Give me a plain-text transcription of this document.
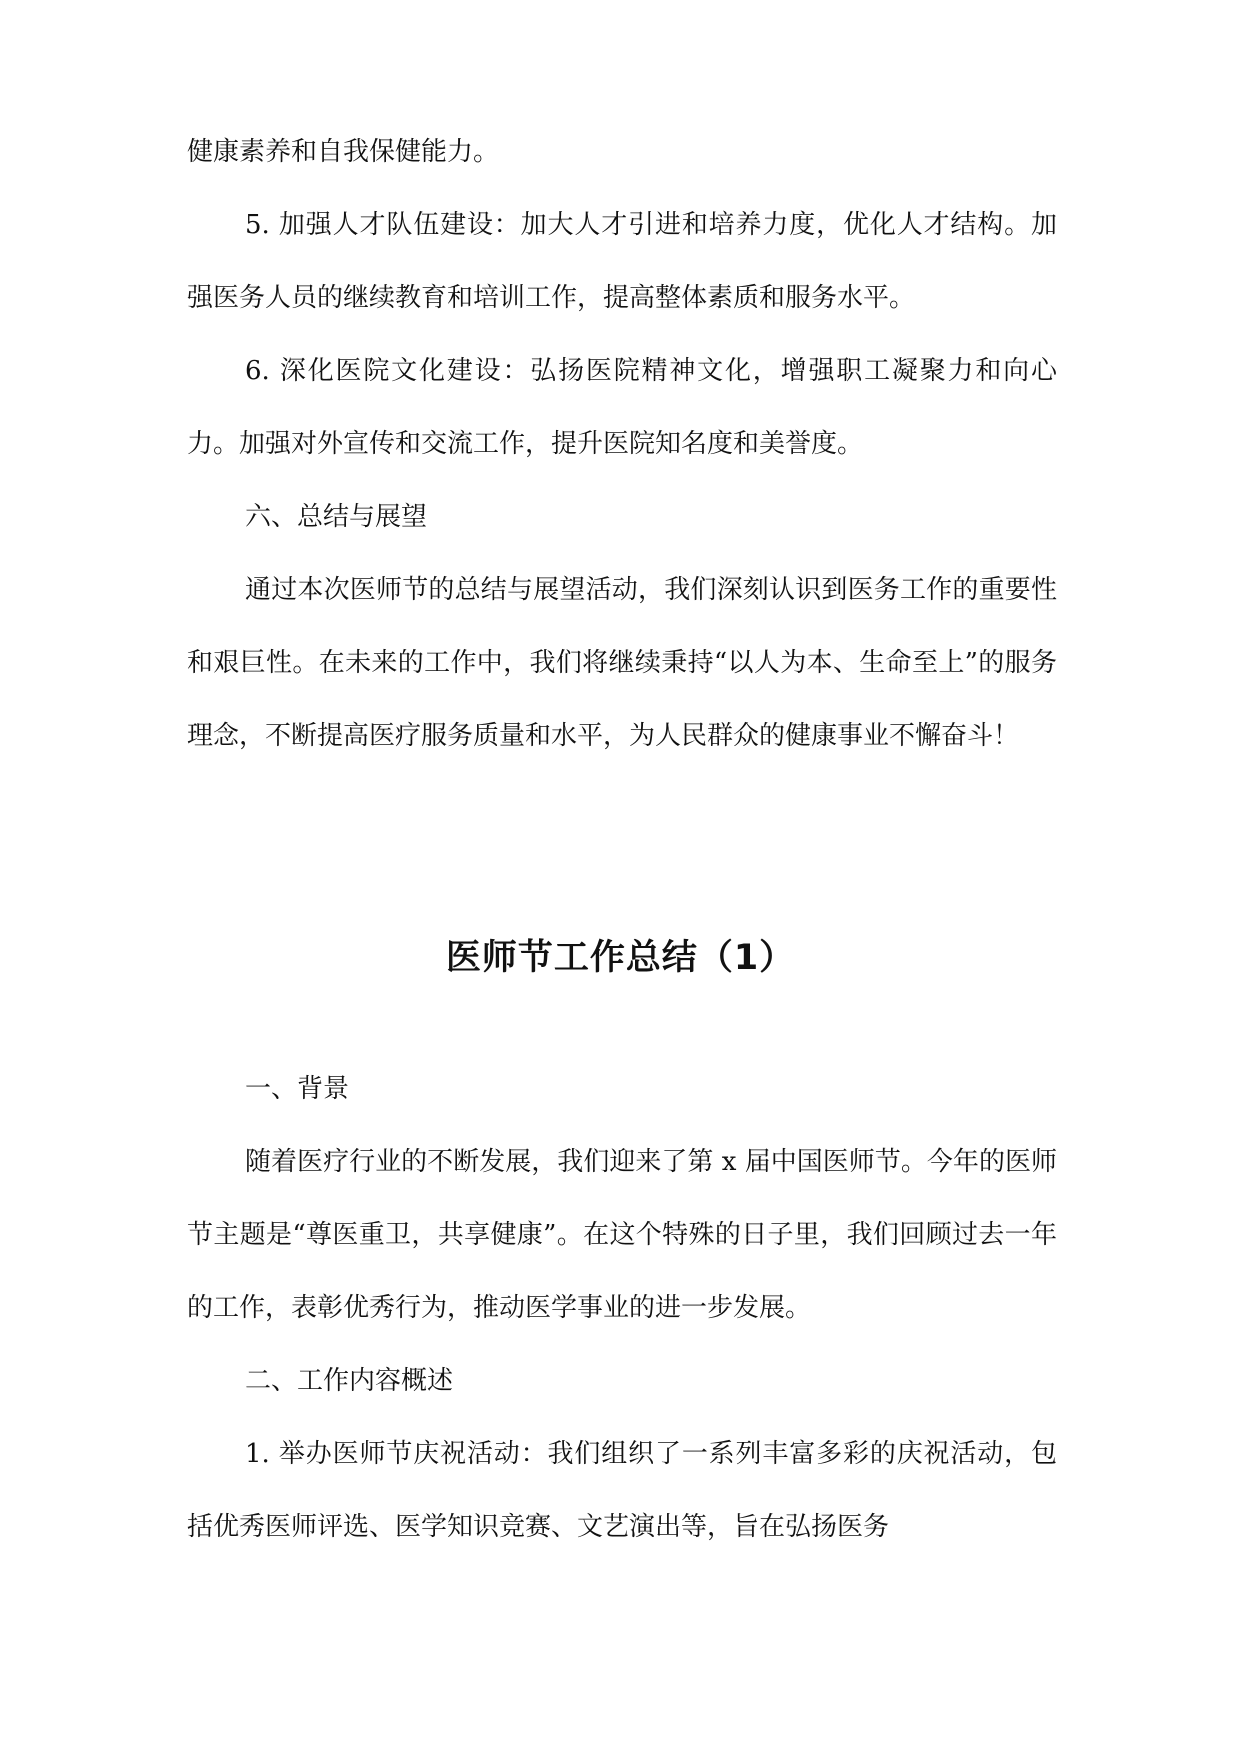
健康素养和自我保健能力。

5. 加强人才队伍建设：加大人才引进和培养力度，优化人才结构。加强医务人员的继续教育和培训工作，提高整体素质和服务水平。

6. 深化医院文化建设：弘扬医院精神文化，增强职工凝聚力和向心力。加强对外宣传和交流工作，提升医院知名度和美誉度。

六、总结与展望

通过本次医师节的总结与展望活动，我们深刻认识到医务工作的重要性和艰巨性。在未来的工作中，我们将继续秉持“以人为本、生命至上”的服务理念，不断提高医疗服务质量和水平，为人民群众的健康事业不懈奋斗！

医师节工作总结（1）

一、背景

随着医疗行业的不断发展，我们迎来了第 x 届中国医师节。今年的医师节主题是“尊医重卫，共享健康”。在这个特殊的日子里，我们回顾过去一年的工作，表彰优秀行为，推动医学事业的进一步发展。

二、工作内容概述

1. 举办医师节庆祝活动：我们组织了一系列丰富多彩的庆祝活动，包括优秀医师评选、医学知识竞赛、文艺演出等，旨在弘扬医务
